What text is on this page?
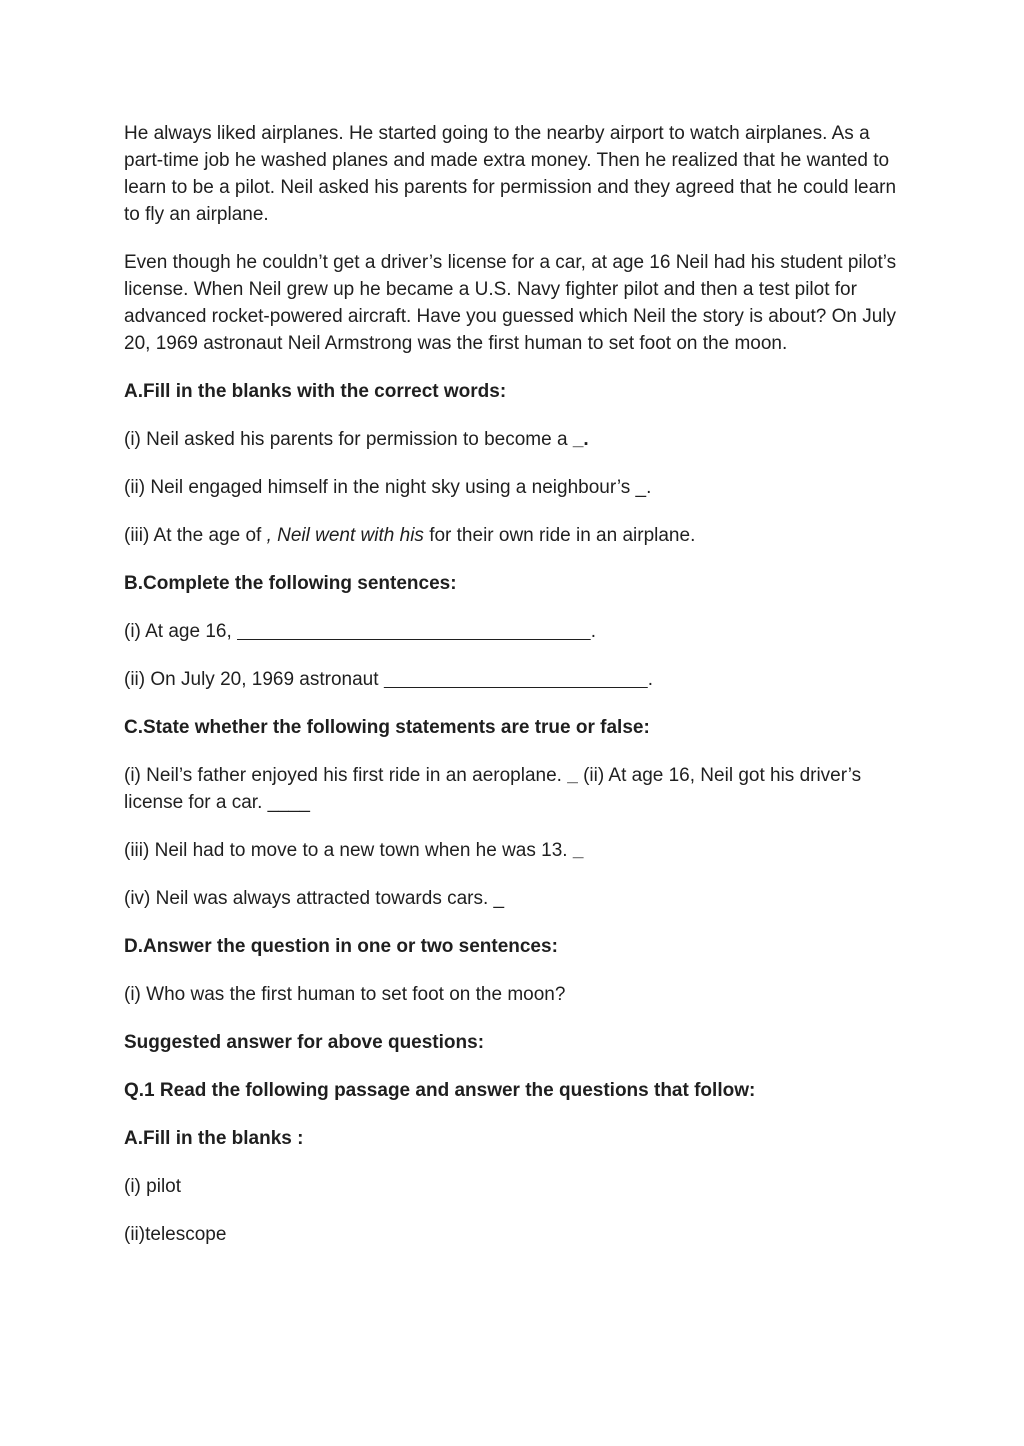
He always liked airplanes. He started going to the nearby airport to watch airplanes. As a part-time job he washed planes and made extra money. Then he realized that he wanted to learn to be a pilot. Neil asked his parents for permission and they agreed that he could learn to fly an airplane.

Even though he couldn’t get a driver’s license for a car, at age 16 Neil had his student pilot’s license. When Neil grew up he became a U.S. Navy fighter pilot and then a test pilot for advanced rocket-powered aircraft. Have you guessed which Neil the story is about? On July 20, 1969 astronaut Neil Armstrong was the first human to set foot on the moon.

A.Fill in the blanks with the correct words:

(i) Neil asked his parents for permission to become a _.

(ii) Neil engaged himself in the night sky using a neighbour’s _.

(iii) At the age of , Neil went with his for their own ride in an airplane.

B.Complete the following sentences:

(i) At age 16,	.

(ii) On July 20, 1969 astronaut	.

C.State whether the following statements are true or false:

(i) Neil’s father enjoyed his first ride in an aeroplane. _ (ii) At age 16, Neil got his driver’s license for a car. ____

(iii) Neil had to move to a new town when he was 13. _

(iv) Neil was always attracted towards cars. _

D.Answer the question in one or two sentences:

(i) Who was the first human to set foot on the moon?

Suggested answer for above questions:

Q.1 Read the following passage and answer the questions that follow:

A.Fill in the blanks :

(i) pilot

(ii)telescope
